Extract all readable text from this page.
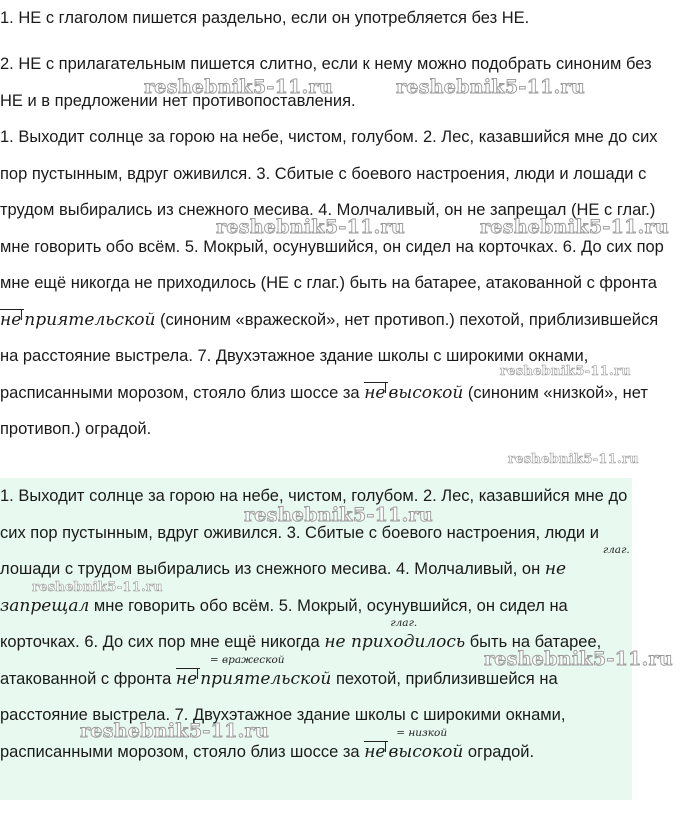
1. НЕ с глаголом пишется раздельно, если он употребляется без НЕ.

2. НЕ с прилагательным пишется слитно, если к нему можно подобрать синоним без НЕ и в предложении нет противопоставления.

1. Выходит солнце за горою на небе, чистом, голубом. 2. Лес, казавшийся мне до сих пор пустынным, вдруг оживился. 3. Сбитые с боевого настроения, люди и лошади с трудом выбирались из снежного месива. 4. Молчаливый, он не запрещал (НЕ с глаг.) мне говорить обо всём. 5. Мокрый, осунувшийся, он сидел на корточках. 6. До сих пор мне ещё никогда не приходилось (НЕ с глаг.) быть на батарее, атакованной с фронта не приятельской (синоним «вражеской», нет противоп.) пехотой, приблизившейся на расстояние выстрела. 7. Двухэтажное здание школы с широкими окнами, расписанными морозом, стояло близ шоссе за не высокой (синоним «низкой», нет противоп.) оградой.

1. Выходит солнце за горою на небе, чистом, голубом. 2. Лес, казавшийся мне до сих пор пустынным, вдруг оживился. 3. Сбитые с боевого настроения, люди и лошади с трудом выбирались из снежного месива. 4. Молчаливый, он не запрещал
глаг.
мне говорить обо всём. 5. Мокрый, осунувшийся, он сидел на корточках. 6. До сих пор мне ещё никогда не приходилось
глаг.
быть на батарее, атакованной с фронта не приятельской
= вражеской
пехотой, приблизившейся на расстояние выстрела. 7. Двухэтажное здание школы с широкими окнами, расписанными морозом, стояло близ шоссе за не высокой
= низкой
оградой.

reshebnik5-11.ru	reshebnik5-11.ru
reshebnik5-11.ru	reshebnik5-11.ru
reshebnik5-11.ru
reshebnik5-11.ru
reshebnik5-11.ru
reshebnik5-11.ru
reshebnik5-11.ru
reshebnik5-11.ru
